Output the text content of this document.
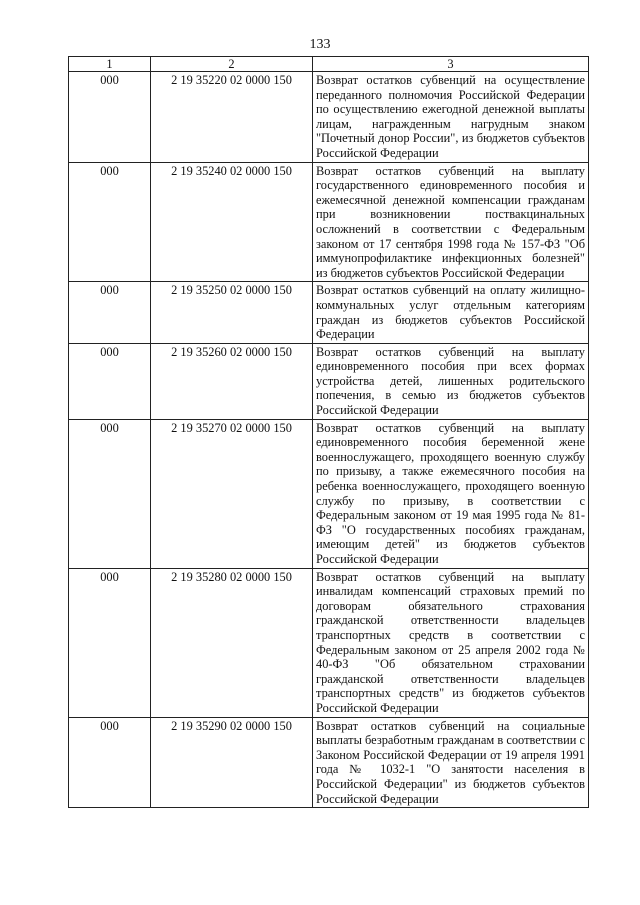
133
1	2	3
000	2 19 35220 02 0000 150	Возврат остатков субвенций на осуществление переданного полномочия Российской Федерации по осуществлению ежегодной денежной выплаты лицам, награжденным нагрудным знаком "Почетный донор России", из бюджетов субъектов Российской Федерации
000	2 19 35240 02 0000 150	Возврат остатков субвенций на выплату государственного единовременного пособия и ежемесячной денежной компенсации гражданам при возникновении поствакцинальных осложнений в соответствии с Федеральным законом от 17 сентября 1998 года № 157-ФЗ "Об иммунопрофилактике инфекционных болезней" из бюджетов субъектов Российской Федерации
000	2 19 35250 02 0000 150	Возврат остатков субвенций на оплату жилищно-коммунальных услуг отдельным категориям граждан из бюджетов субъектов Российской Федерации
000	2 19 35260 02 0000 150	Возврат остатков субвенций на выплату единовременного пособия при всех формах устройства детей, лишенных родительского попечения, в семью из бюджетов субъектов Российской Федерации
000	2 19 35270 02 0000 150	Возврат остатков субвенций на выплату единовременного пособия беременной жене военнослужащего, проходящего военную службу по призыву, а также ежемесячного пособия на ребенка военнослужащего, проходящего военную службу по призыву, в соответствии с Федеральным законом от 19 мая 1995 года № 81-ФЗ "О государственных пособиях гражданам, имеющим детей" из бюджетов субъектов Российской Федерации
000	2 19 35280 02 0000 150	Возврат остатков субвенций на выплату инвалидам компенсаций страховых премий по договорам обязательного страхования гражданской ответственности владельцев транспортных средств в соответствии с Федеральным законом от 25 апреля 2002 года № 40-ФЗ "Об обязательном страховании гражданской ответственности владельцев транспортных средств" из бюджетов субъектов Российской Федерации
000	2 19 35290 02 0000 150	Возврат остатков субвенций на социальные выплаты безработным гражданам в соответствии с Законом Российской Федерации от 19 апреля 1991 года № 1032-1 "О занятости населения в Российской Федерации" из бюджетов субъектов Российской Федерации
